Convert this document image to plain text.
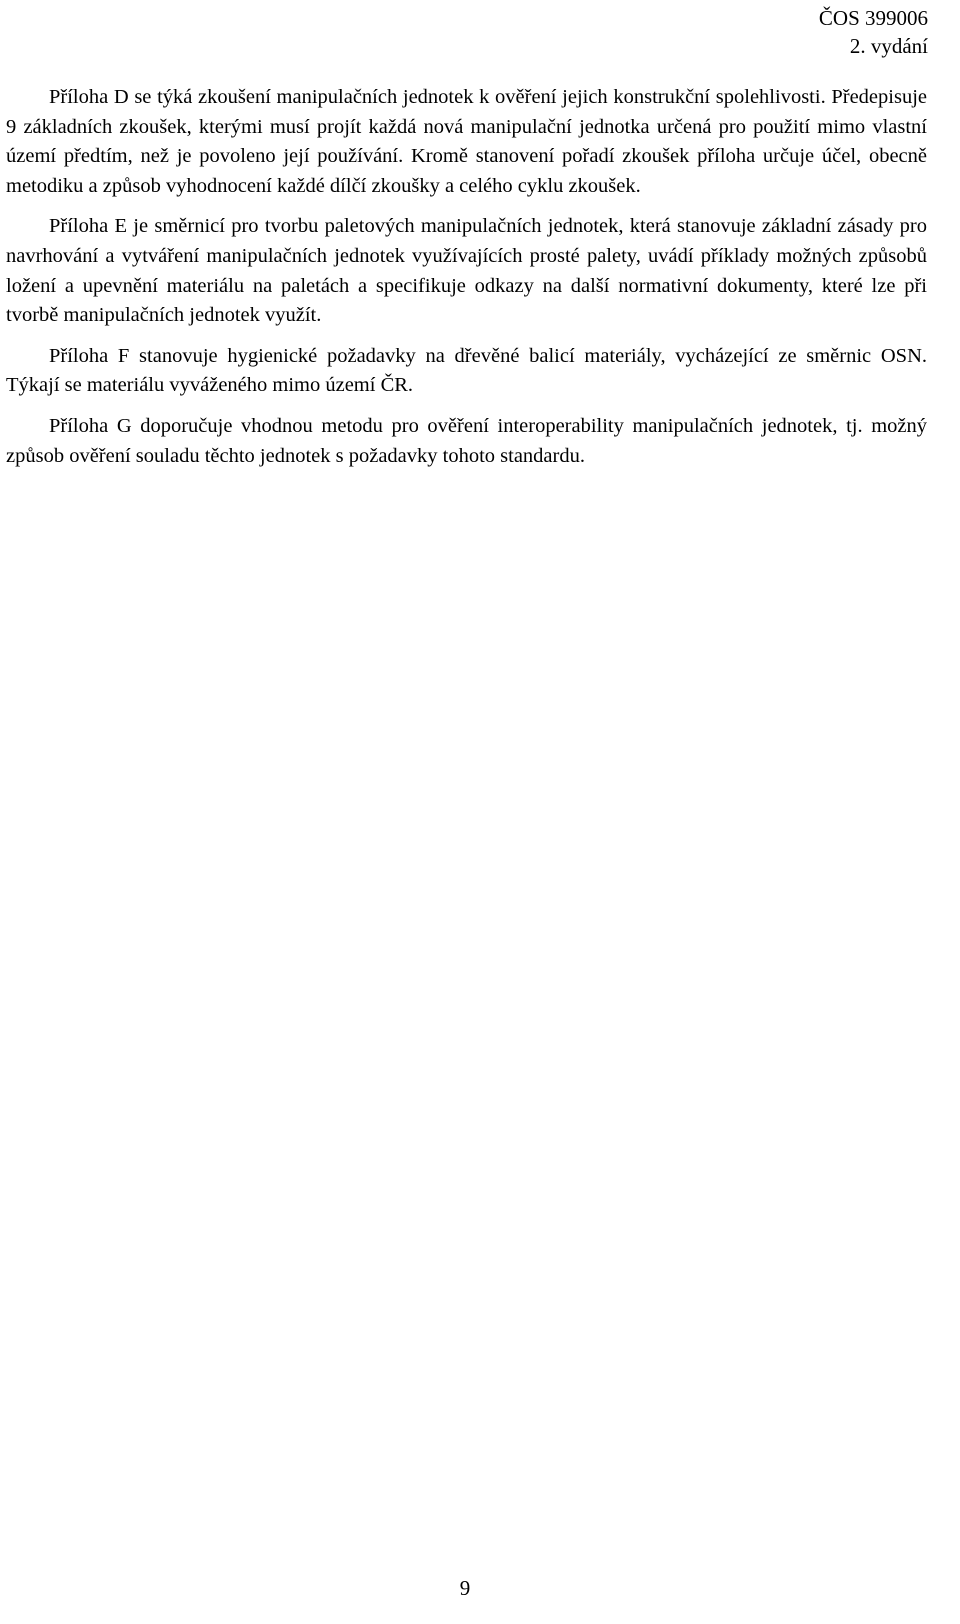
ČOS 399006
2. vydání

Příloha D se týká zkoušení manipulačních jednotek k ověření jejich konstrukční spolehlivosti. Předepisuje 9 základních zkoušek, kterými musí projít každá nová manipulační jednotka určená pro použití mimo vlastní území předtím, než je povoleno její používání. Kromě stanovení pořadí zkoušek příloha určuje účel, obecně metodiku a způsob vyhodnocení každé dílčí zkoušky a celého cyklu zkoušek.

Příloha E je směrnicí pro tvorbu paletových manipulačních jednotek, která stanovuje základní zásady pro navrhování a vytváření manipulačních jednotek využívajících prosté palety, uvádí příklady možných způsobů ložení a upevnění materiálu na paletách a specifikuje odkazy na další normativní dokumenty, které lze při tvorbě manipulačních jednotek využít.

Příloha F stanovuje hygienické požadavky na dřevěné balicí materiály, vycházející ze směrnic OSN. Týkají se materiálu vyváženého mimo území ČR.

Příloha G doporučuje vhodnou metodu pro ověření interoperability manipulačních jednotek, tj. možný způsob ověření souladu těchto jednotek s požadavky tohoto standardu.

9
